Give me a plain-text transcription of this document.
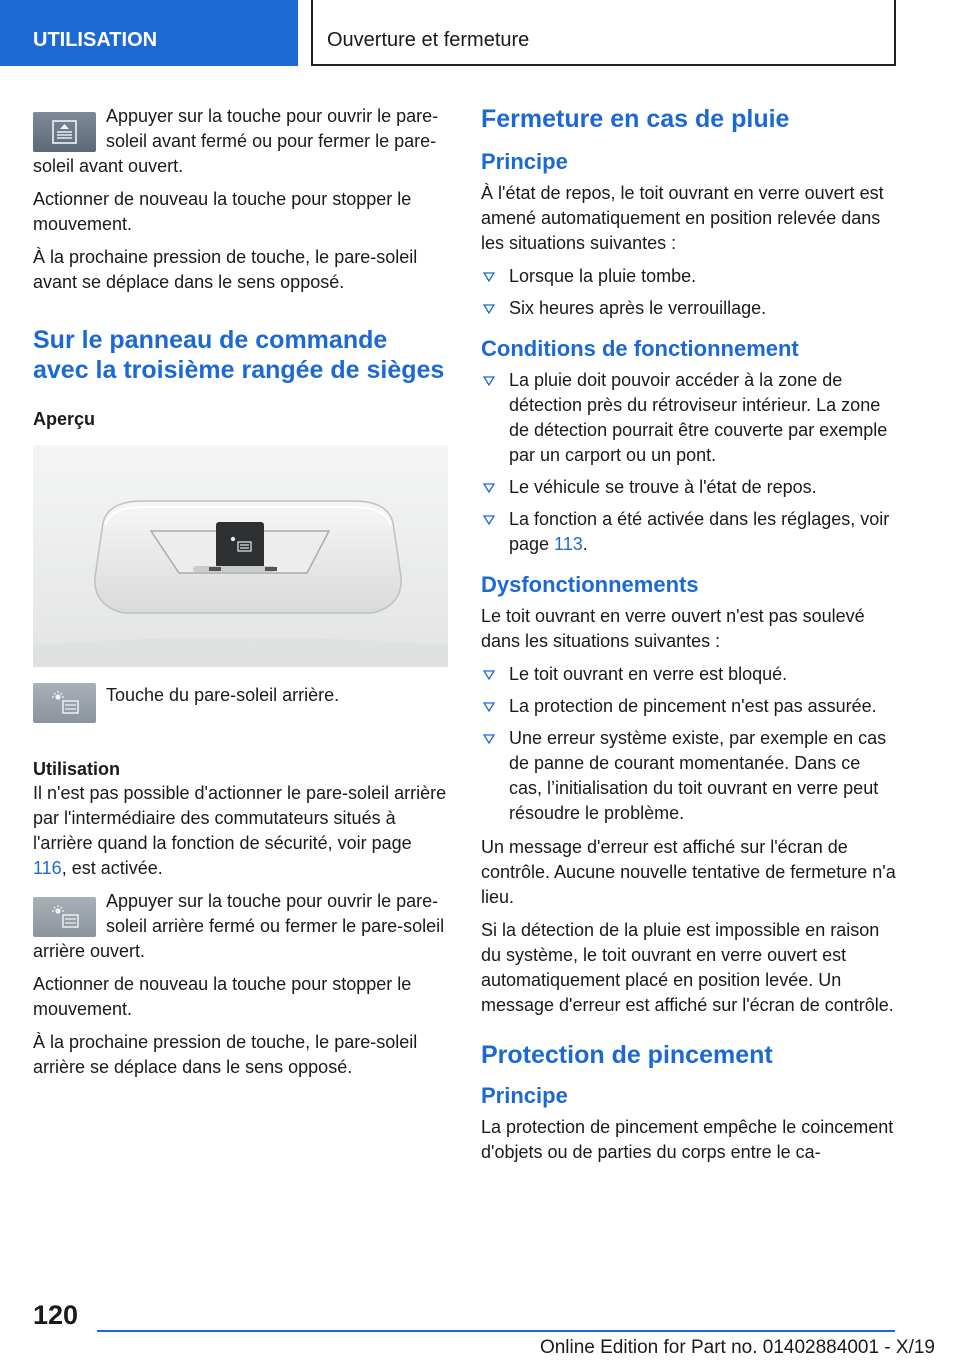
UTILISATION	Ouverture et fermeture

Appuyer sur la touche pour ouvrir le pare-soleil avant fermé ou pour fermer le pare-soleil avant ouvert.

Actionner de nouveau la touche pour stopper le mouvement.

À la prochaine pression de touche, le pare-soleil avant se déplace dans le sens opposé.

Sur le panneau de commande avec la troisième rangée de sièges
Aperçu
Touche du pare-soleil arrière.
Utilisation

Il n'est pas possible d'actionner le pare-soleil arrière par l'intermédiaire des commutateurs situés à l'arrière quand la fonction de sécurité, voir page 116, est activée.

Appuyer sur la touche pour ouvrir le pare-soleil arrière fermé ou fermer le pare-soleil arrière ouvert.

Actionner de nouveau la touche pour stopper le mouvement.

À la prochaine pression de touche, le pare-soleil arrière se déplace dans le sens opposé.

Fermeture en cas de pluie
Principe

À l'état de repos, le toit ouvrant en verre ouvert est amené automatiquement en position relevée dans les situations suivantes :

Lorsque la pluie tombe.
Six heures après le verrouillage.
Conditions de fonctionnement
La pluie doit pouvoir accéder à la zone de détection près du rétroviseur intérieur. La zone de détection pourrait être couverte par exemple par un carport ou un pont.
Le véhicule se trouve à l'état de repos.
La fonction a été activée dans les réglages, voir page 113.
Dysfonctionnements

Le toit ouvrant en verre ouvert n'est pas soulevé dans les situations suivantes :

Le toit ouvrant en verre est bloqué.
La protection de pincement n'est pas assurée.
Une erreur système existe, par exemple en cas de panne de courant momentanée. Dans ce cas, l’initialisation du toit ouvrant en verre peut résoudre le problème.

Un message d'erreur est affiché sur l'écran de contrôle. Aucune nouvelle tentative de fermeture n'a lieu.

Si la détection de la pluie est impossible en raison du système, le toit ouvrant en verre ouvert est automatiquement placé en position levée. Un message d'erreur est affiché sur l'écran de contrôle.

Protection de pincement
Principe

La protection de pincement empêche le coincement d'objets ou de parties du corps entre le ca-

120
Online Edition for Part no. 01402884001 - X/19
